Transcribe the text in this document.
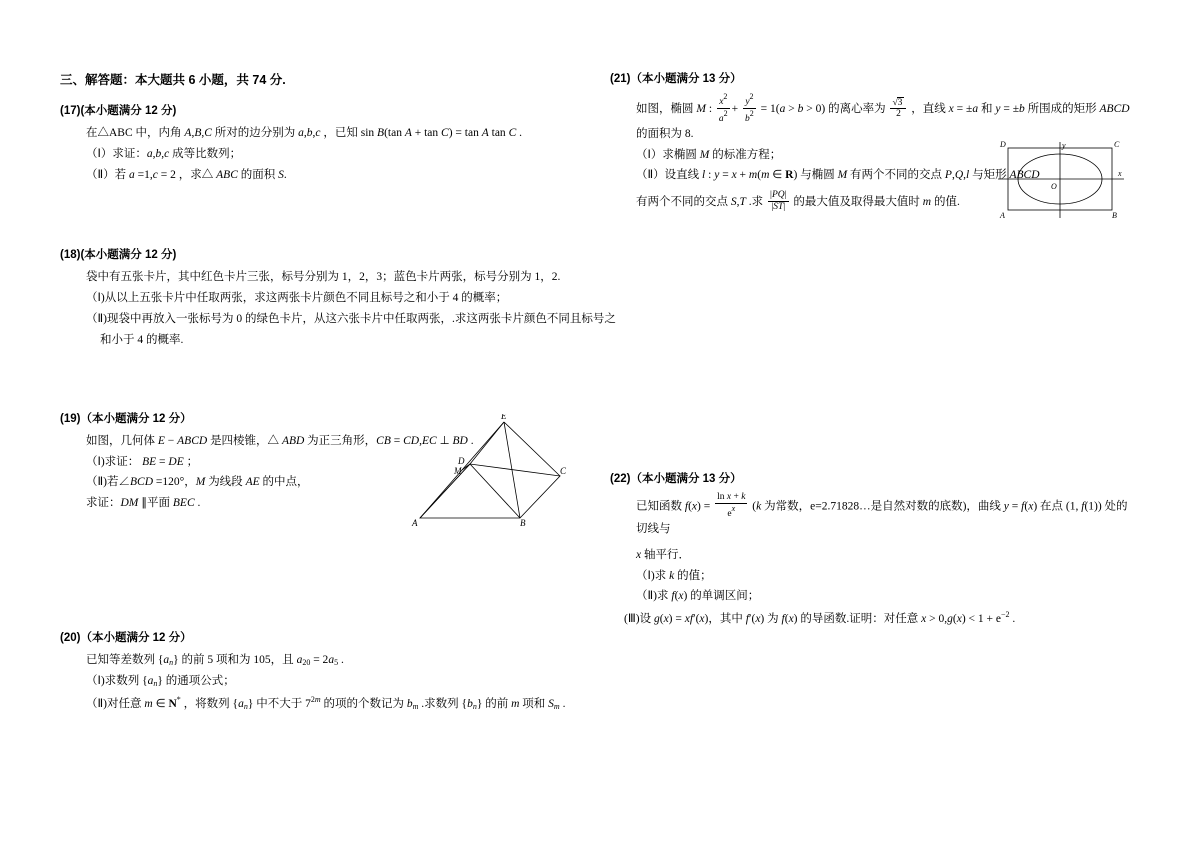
三、解答题：本大题共 6 小题，共 74 分.
(17)(本小题满分 12 分)
在△ABC 中，内角 A,B,C 所对的边分别为 a,b,c ，已知 sin B(tan A + tan C) = tan A tan C .
（Ⅰ）求证：a,b,c 成等比数列；
（Ⅱ）若 a =1,c = 2 ，求△ ABC 的面积 S.
(18)(本小题满分 12 分)
袋中有五张卡片，其中红色卡片三张，标号分别为 1，2，3；蓝色卡片两张，标号分别为 1，2.
（Ⅰ)从以上五张卡片中任取两张，求这两张卡片颜色不同且标号之和小于 4 的概率；
（Ⅱ)现袋中再放入一张标号为 0 的绿色卡片，从这六张卡片中任取两张，.求这两张卡片颜色不同且标号之
和小于 4 的概率.
(19)（本小题满分 12 分）	E
C
D
A	B
M
如图，几何体 E − ABCD 是四棱锥，△ ABD 为正三角形，CB = CD,EC ⊥ BD .
（Ⅰ)求证： BE = DE ；
（Ⅱ)若∠BCD =120°，M 为线段 AE 的中点，
求证：DM ∥平面 BEC .
(20)（本小题满分 12 分）
已知等差数列 $\{a_n\}$ 的前 5 项和为 105，且 $a_{20} = 2a_5$ .
（Ⅰ)求数列 $\{a_n\}$ 的通项公式；
（Ⅱ)对任意 m ∈ N* ，将数列 $\{a_n\}$ 中不大于 $7^{2m}$ 的项的个数记为 $b_m$ .求数列 $\{b_n\}$ 的前 m 项和 $S_m$ .
(21)（本小题满分 13 分）
如图，椭圆 M : $\frac{x^2}{a^2} + \frac{y^2}{b^2} = 1(a > b > 0)$ 的离心率为 $\frac{√3}{2}$ ，直线 x = ±a 和 y = ±b 所围成的矩形 ABCD 的面积为 8.
（Ⅰ）求椭圆 M 的标准方程；
（Ⅱ）设直线 l : y = x + m(m ∈ R) 与椭圆 M 有两个不同的交点 P,Q,l 与矩形 ABCD
有两个不同的交点 S,T .求 $\frac{|PQ|}{|ST|}$ 的最大值及取得最大值时 m 的值.
D	y	C
O
x
A	B
(22)（本小题满分 13 分）
已知函数 $f(x) = \frac{\text{ln x + k}}{e^x} (k$ 为常数，e=2.71828…是自然对数的底数)，曲线 y = f(x) 在点 (1, f(1)) 处的切线与
x 轴平行．
（Ⅰ)求 k 的值；
（Ⅱ)求 f(x) 的单调区间；
(Ⅲ)设 g(x) = xf′(x)，其中 f′(x) 为 f(x) 的导函数.证明：对任意 $x > 0,g(x) < 1 + e^{-2}$ .
